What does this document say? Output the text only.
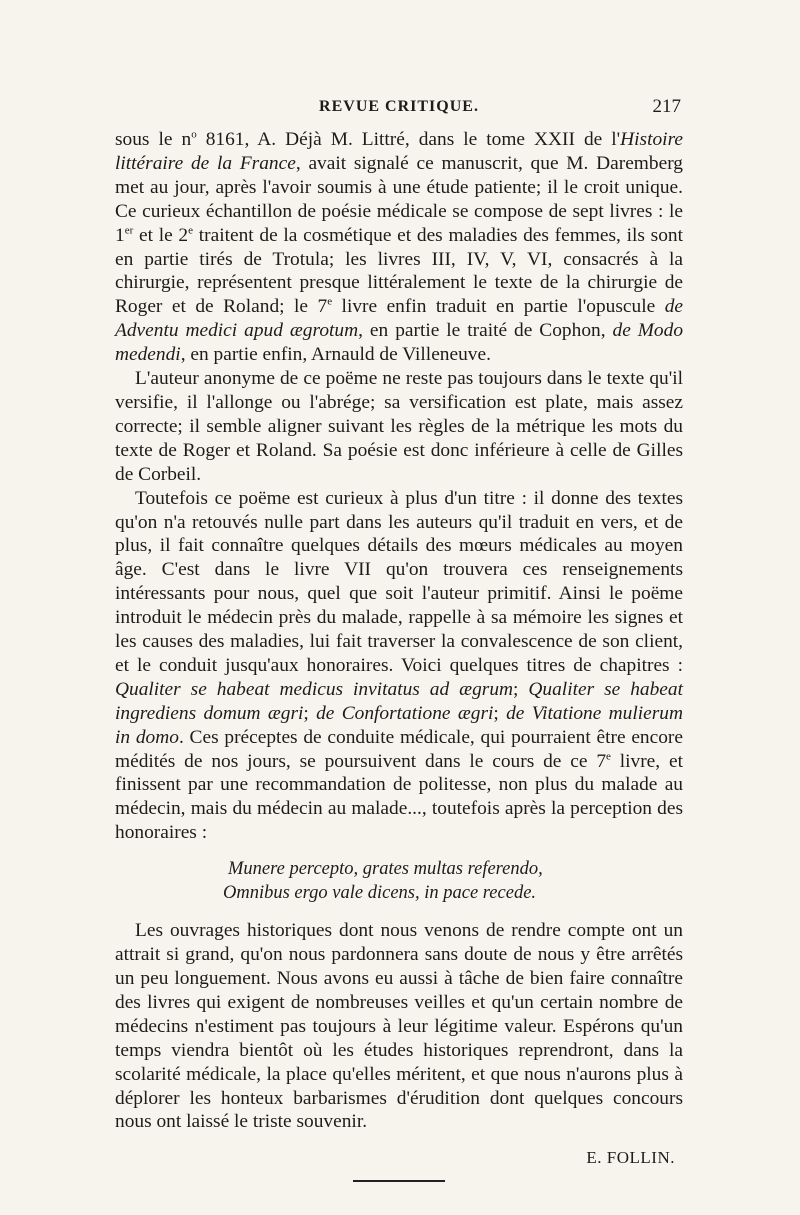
REVUE CRITIQUE.	217

sous le $n^o$ 8161, A. Déjà M. Littré, dans le tome XXII de l'Histoire littéraire de la France, avait signalé ce manuscrit, que M. Daremberg met au jour, après l'avoir soumis à une étude patiente; il le croit unique. Ce curieux échantillon de poésie médicale se compose de sept livres : le 1er et le 2e traitent de la cosmétique et des maladies des femmes, ils sont en partie tirés de Trotula; les livres III, IV, V, VI, consacrés à la chirurgie, représentent presque littéralement le texte de la chirurgie de Roger et de Roland; le 7e livre enfin traduit en partie l'opuscule de Adventu medici apud ægrotum, en partie le traité de Cophon, de Modo medendi, en partie enfin, Arnauld de Villeneuve.

L'auteur anonyme de ce poëme ne reste pas toujours dans le texte qu'il versifie, il l'allonge ou l'abrége; sa versification est plate, mais assez correcte; il semble aligner suivant les règles de la métrique les mots du texte de Roger et Roland. Sa poésie est donc inférieure à celle de Gilles de Corbeil.

Toutefois ce poëme est curieux à plus d'un titre : il donne des textes qu'on n'a retouvés nulle part dans les auteurs qu'il traduit en vers, et de plus, il fait connaître quelques détails des mœurs médicales au moyen âge. C'est dans le livre VII qu'on trouvera ces renseignements intéressants pour nous, quel que soit l'auteur primitif. Ainsi le poëme introduit le médecin près du malade, rappelle à sa mémoire les signes et les causes des maladies, lui fait traverser la convalescence de son client, et le conduit jusqu'aux honoraires. Voici quelques titres de chapitres : Qualiter se habeat medicus invitatus ad ægrum; Qualiter se habeat ingrediens domum ægri; de Confortatione ægri; de Vitatione mulierum in domo. Ces préceptes de conduite médicale, qui pourraient être encore médités de nos jours, se poursuivent dans le cours de ce 7e livre, et finissent par une recommandation de politesse, non plus du malade au médecin, mais du médecin au malade..., toutefois après la perception des honoraires :

Munere percepto, grates multas referendo,
Omnibus ergo vale dicens, in pace recede.

Les ouvrages historiques dont nous venons de rendre compte ont un attrait si grand, qu'on nous pardonnera sans doute de nous y être arrêtés un peu longuement. Nous avons eu aussi à tâche de bien faire connaître des livres qui exigent de nombreuses veilles et qu'un certain nombre de médecins n'estiment pas toujours à leur légitime valeur. Espérons qu'un temps viendra bientôt où les études historiques reprendront, dans la scolarité médicale, la place qu'elles méritent, et que nous n'aurons plus à déplorer les honteux barbarismes d'érudition dont quelques concours nous ont laissé le triste souvenir.

E. FOLLIN.
